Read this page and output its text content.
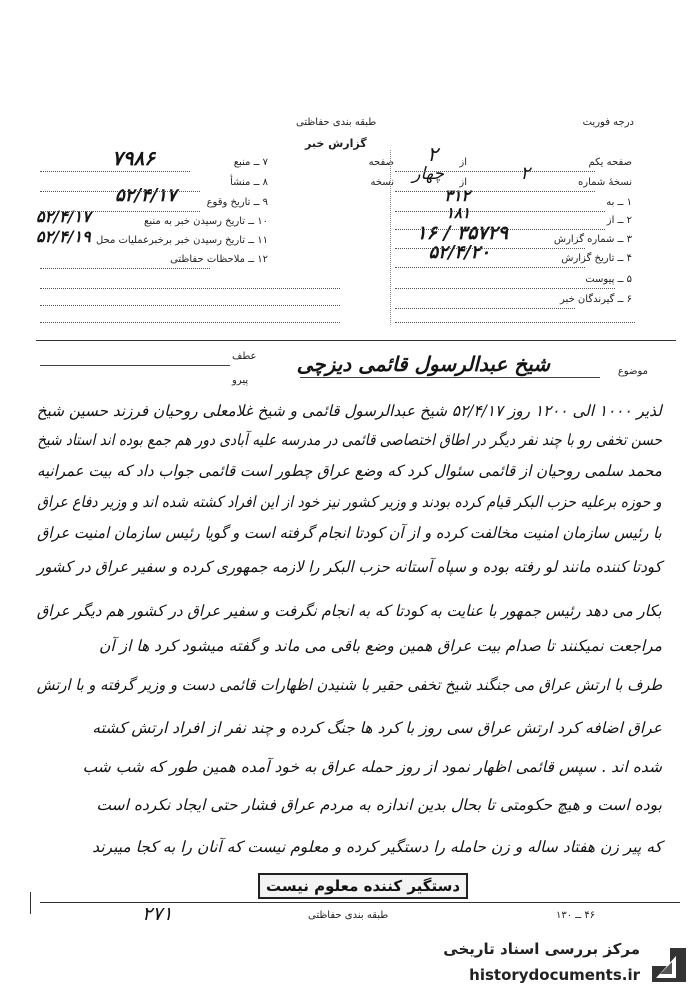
درجه فوریت
طبقه بندی حفاظتی
گزارش خبر
صفحه یکم
از
صفحه ۲
نسخهٔ شماره
۲
از
چهار
نسخه
۱ ــ به
۳۱۲
۲ ــ از
۱۸۱
۳ ــ شماره گزارش
۳۵۷۲۹ / ۱۶
۴ ــ تاریخ گزارش
۵۲/۴/۲۰
۵ ــ پیوست
۶ ــ گیرندگان خبر
۷ ــ منبع
۷۹۸۶
۸ ــ منشأ
۹ ــ تاریخ وقوع
۵۲/۴/۱۷
۱۰ ــ تاریخ رسیدن خبر به منبع
۵۲/۴/۱۷
۱۱ ــ تاریخ رسیدن خبر برخبرعملیات محل
۵۲/۴/۱۹
۱۲ ــ ملاحظات حفاظتی
موضوع
شیخ عبدالرسول قائمی دیزچی
عطف
پیرو
لذیر ۱۰۰۰ الی ۱۲۰۰ روز ۵۲/۴/۱۷ شیخ عبدالرسول قائمی و شیخ غلامعلی روحیان فرزند حسین شیخ
حسن تخفی رو با چند نفر دیگر در اطاق اختصاصی قائمی در مدرسه علیه آبادی دور هم جمع بوده اند استاد شیخ
محمد سلمی روحیان از قائمی سئوال کرد که وضع عراق چطور است قائمی جواب داد که بیت عمرانیه
و حوزه برعلیه حزب البکر قیام کرده بودند و وزیر کشور نیز خود از این افراد کشته شده اند و وزیر دفاع عراق
با رئیس سازمان امنیت مخالفت کرده و از آن کودتا انجام گرفته است و گویا رئیس سازمان امنیت عراق
کودتا کننده مانند لو رفته بوده و سپاه آستانه حزب البکر را لازمه جمهوری کرده و سفیر عراق در کشور
بکار می دهد رئیس جمهور با عنایت به کودتا که به انجام نگرفت و سفیر عراق در کشور هم دیگر عراق
مراجعت نمیکنند تا صدام بیت عراق همین وضع باقی می ماند و گفته میشود کرد ها از آن
طرف با ارتش عراق می جنگند شیخ تخفی حقیر با شنیدن اظهارات قائمی دست و وزیر گرفته و با ارتش
عراق اضافه کرد ارتش عراق سی روز با کرد ها جنگ کرده و چند نفر از افراد ارتش کشته
شده اند . سپس قائمی اظهار نمود از روز حمله عراق به خود آمده همین طور که شب شب
بوده است و هیچ حکومتی تا بحال بدین اندازه به مردم عراق فشار حتی ایجاد نکرده است
که پیر زن هفتاد ساله و زن حامله را دستگیر کرده و معلوم نیست که آنان را به کجا میبرند
دستگیر کننده معلوم نیست
۲۷۱	طبقه بندی حفاظتی	۴۶ ــ ۱۳۰
مرکز بررسی اسناد تاریخی
historydocuments.ir
